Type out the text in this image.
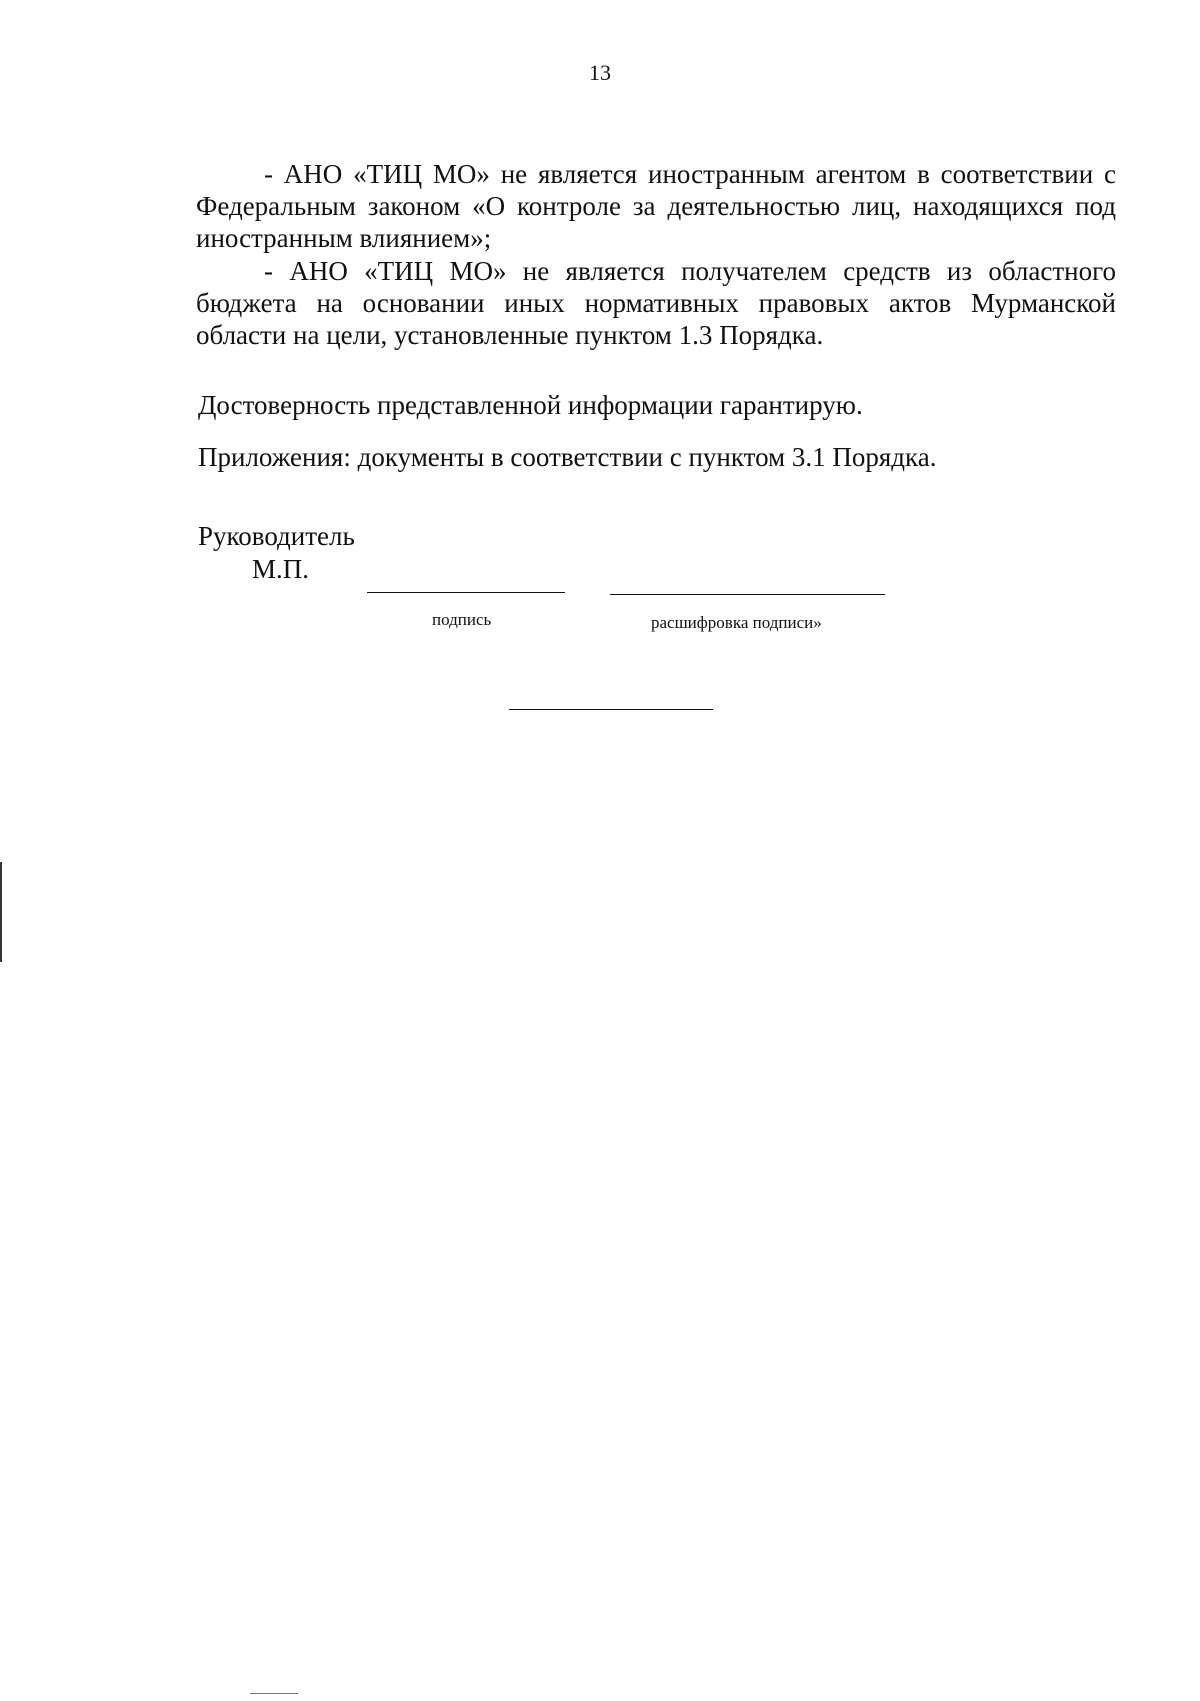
13

- АНО «ТИЦ МО» не является иностранным агентом в соответствии с Федеральным законом «О контроле за деятельностью лиц, находящихся под иностранным влиянием»;

- АНО «ТИЦ МО» не является получателем средств из областного бюджета на основании иных нормативных правовых актов Мурманской области на цели, установленные пунктом 1.3 Порядка.

Достоверность представленной информации гарантирую.

Приложения: документы в соответствии с пунктом 3.1 Порядка.

Руководитель
М.П.
подпись	расшифровка подписи»
